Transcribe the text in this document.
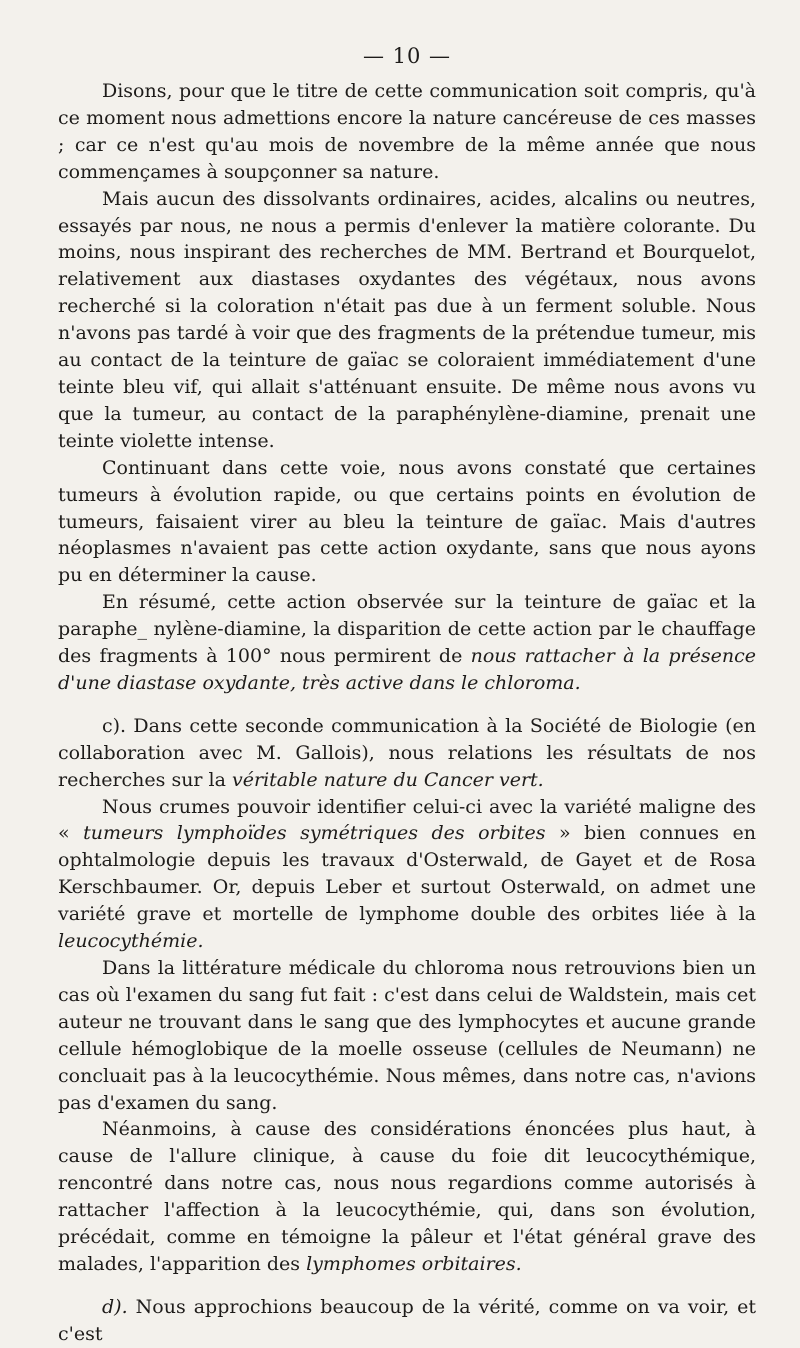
— 10 —

Disons, pour que le titre de cette communication soit compris, qu'à ce moment nous admettions encore la nature cancéreuse de ces masses ; car ce n'est qu'au mois de novembre de la même année que nous commençames à soupçonner sa nature.

Mais aucun des dissolvants ordinaires, acides, alcalins ou neutres, essayés par nous, ne nous a permis d'enlever la matière colorante. Du moins, nous inspirant des recherches de MM. Bertrand et Bourquelot, relativement aux diastases oxydantes des végétaux, nous avons recherché si la coloration n'était pas due à un ferment soluble. Nous n'avons pas tardé à voir que des fragments de la prétendue tumeur, mis au contact de la teinture de gaïac se coloraient immédiatement d'une teinte bleu vif, qui allait s'atténuant ensuite. De même nous avons vu que la tumeur, au contact de la paraphénylène-diamine, prenait une teinte violette intense.

Continuant dans cette voie, nous avons constaté que certaines tumeurs à évolution rapide, ou que certains points en évolution de tumeurs, faisaient virer au bleu la teinture de gaïac. Mais d'autres néoplasmes n'avaient pas cette action oxydante, sans que nous ayons pu en déterminer la cause.

En résumé, cette action observée sur la teinture de gaïac et la paraphe_ nylène-diamine, la disparition de cette action par le chauffage des fragments à 100° nous permirent de nous rattacher à la présence d'une diastase oxydante, très active dans le chloroma.

c). Dans cette seconde communication à la Société de Biologie (en collaboration avec M. Gallois), nous relations les résultats de nos recherches sur la véritable nature du Cancer vert.

Nous crumes pouvoir identifier celui-ci avec la variété maligne des « tumeurs lymphoïdes symétriques des orbites » bien connues en ophtalmologie depuis les travaux d'Osterwald, de Gayet et de Rosa Kerschbaumer. Or, depuis Leber et surtout Osterwald, on admet une variété grave et mortelle de lymphome double des orbites liée à la leucocythémie.

Dans la littérature médicale du chloroma nous retrouvions bien un cas où l'examen du sang fut fait : c'est dans celui de Waldstein, mais cet auteur ne trouvant dans le sang que des lymphocytes et aucune grande cellule hémoglobique de la moelle osseuse (cellules de Neumann) ne concluait pas à la leucocythémie. Nous mêmes, dans notre cas, n'avions pas d'examen du sang.

Néanmoins, à cause des considérations énoncées plus haut, à cause de l'allure clinique, à cause du foie dit leucocythémique, rencontré dans notre cas, nous nous regardions comme autorisés à rattacher l'affection à la leucocythémie, qui, dans son évolution, précédait, comme en témoigne la pâleur et l'état général grave des malades, l'apparition des lymphomes orbitaires.

d). Nous approchions beaucoup de la vérité, comme on va voir, et c'est
